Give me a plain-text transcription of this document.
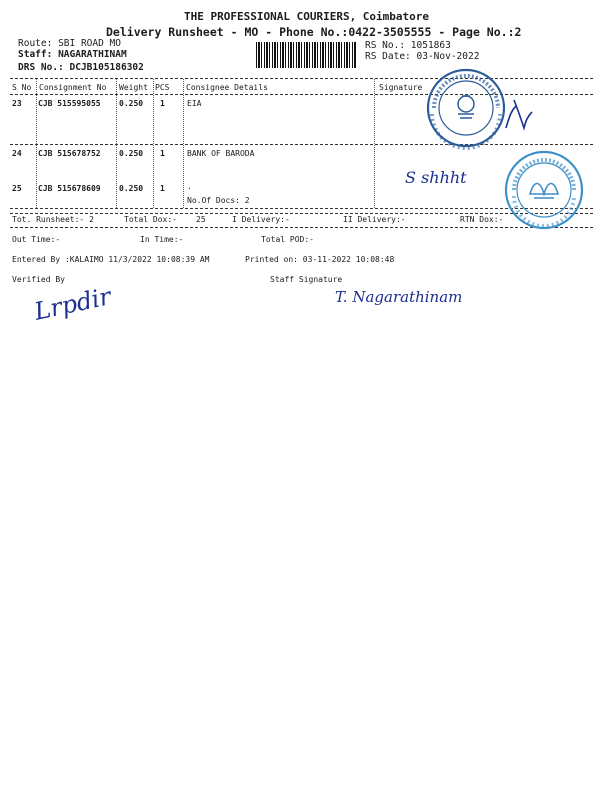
THE PROFESSIONAL COURIERS, Coimbatore
Delivery Runsheet - MO - Phone No.:0422-3505555 - Page No.:2
Route: SBI ROAD MO
Staff: NAGARATHINAM
DRS No.: DCJB105186302
RS No.: 1051863
RS Date: 03-Nov-2022
S No Consignment No Weight PCS Consignee Details	Signature
23 CJB 515595055 0.250 1	EIA
24 CJB 515678752 0.250 1	BANK OF BARODA
25 CJB 515678609 0.250 1	.
No.Of Docs: 2
S shhht
Tot. Runsheet:- 2	Total Dox:- 25	I Delivery:-	II Delivery:-	RTN Dox:-
Out Time:-	In Time:-	Total POD:-
Entered By :KALAIMO 11/3/2022 10:08:39 AM	Printed on: 03-11-2022 10:08:48
Verified By	Staff Signature
Lrpdir	T. Nagarathinam
